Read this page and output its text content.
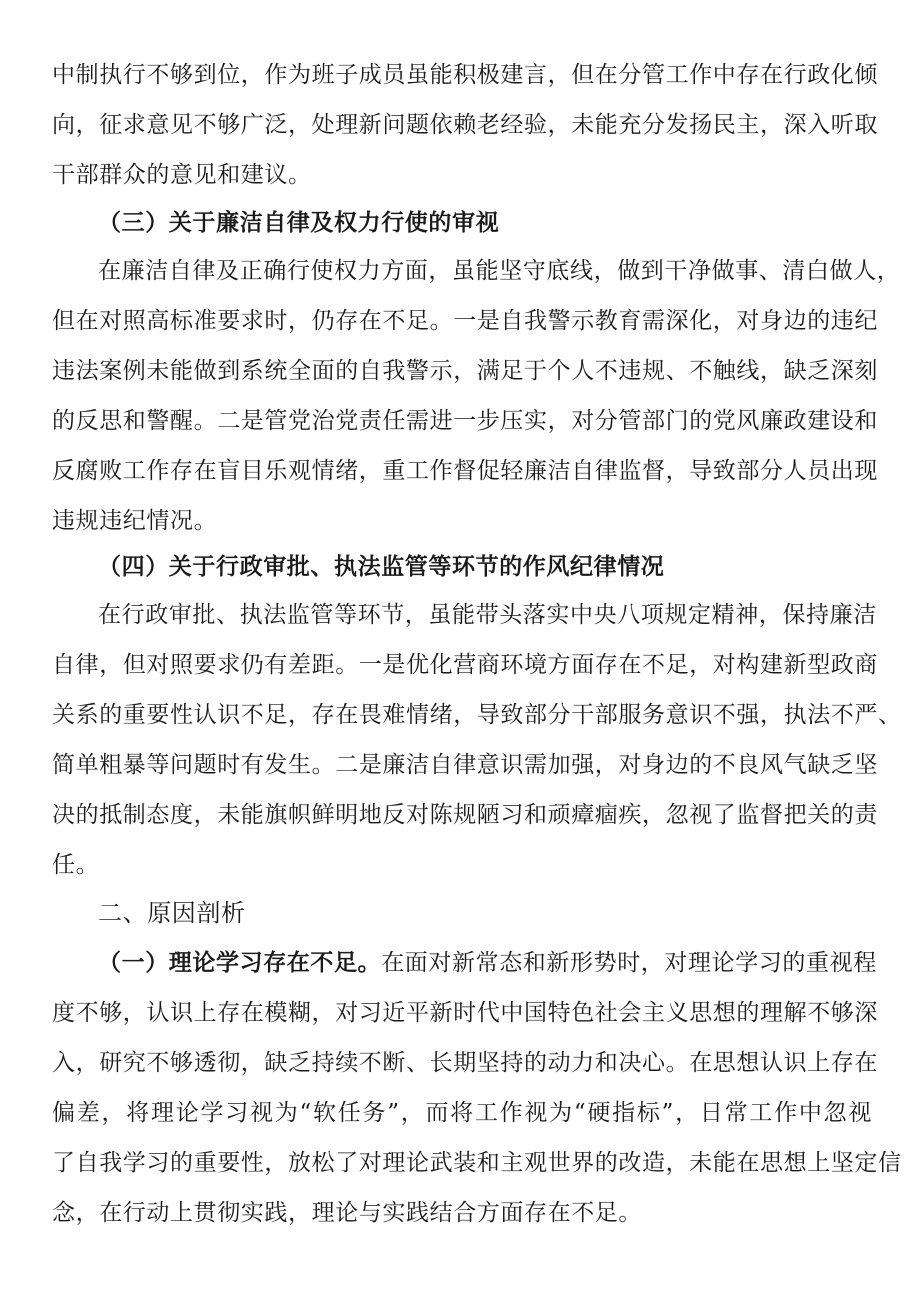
中制执行不够到位，作为班子成员虽能积极建言，但在分管工作中存在行政化倾
向，征求意见不够广泛，处理新问题依赖老经验，未能充分发扬民主，深入听取
干部群众的意见和建议。
（三）关于廉洁自律及权力行使的审视
在廉洁自律及正确行使权力方面，虽能坚守底线，做到干净做事、清白做人，
但在对照高标准要求时，仍存在不足。一是自我警示教育需深化，对身边的违纪
违法案例未能做到系统全面的自我警示，满足于个人不违规、不触线，缺乏深刻
的反思和警醒。二是管党治党责任需进一步压实，对分管部门的党风廉政建设和
反腐败工作存在盲目乐观情绪，重工作督促轻廉洁自律监督，导致部分人员出现
违规违纪情况。
（四）关于行政审批、执法监管等环节的作风纪律情况
在行政审批、执法监管等环节，虽能带头落实中央八项规定精神，保持廉洁
自律，但对照要求仍有差距。一是优化营商环境方面存在不足，对构建新型政商
关系的重要性认识不足，存在畏难情绪，导致部分干部服务意识不强，执法不严、
简单粗暴等问题时有发生。二是廉洁自律意识需加强，对身边的不良风气缺乏坚
决的抵制态度，未能旗帜鲜明地反对陈规陋习和顽瘴痼疾，忽视了监督把关的责
任。
二、原因剖析
（一）理论学习存在不足。在面对新常态和新形势时，对理论学习的重视程
度不够，认识上存在模糊，对习近平新时代中国特色社会主义思想的理解不够深
入，研究不够透彻，缺乏持续不断、长期坚持的动力和决心。在思想认识上存在
偏差，将理论学习视为“软任务”，而将工作视为“硬指标”，日常工作中忽视
了自我学习的重要性，放松了对理论武装和主观世界的改造，未能在思想上坚定信
念，在行动上贯彻实践，理论与实践结合方面存在不足。
